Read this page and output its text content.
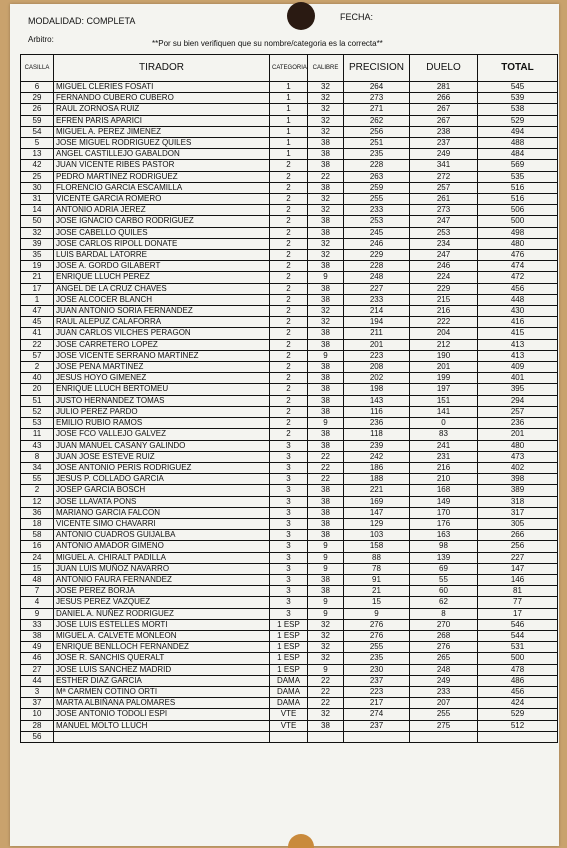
MODALIDAD: COMPLETA	FECHA:
Arbitro:	**Por su bien verifiquen que su nombre/categoria es la correcta**
CASILLA	TIRADOR	CATEGORIA	CALIBRE	PRECISION	DUELO	TOTAL
6	MIGUEL CLERIES FOSATI	1	32	264	281	545
29	FERNANDO CUBERO CUBERO	1	32	273	266	539
26	RAUL ZORNOSA RUIZ	1	32	271	267	538
59	EFREN PARIS APARICI	1	32	262	267	529
54	MIGUEL A. PEREZ JIMENEZ	1	32	256	238	494
5	JOSE MIGUEL RODRIGUEZ QUILES	1	38	251	237	488
13	ANGEL CASTILLEJO GABALDON	1	38	235	249	484
42	JUAN VICENTE RIBES PASTOR	2	38	228	341	569
25	PEDRO MARTINEZ RODRIGUEZ	2	22	263	272	535
30	FLORENCIO GARCIA ESCAMILLA	2	38	259	257	516
31	VICENTE GARCIA ROMERO	2	32	255	261	516
14	ANTONIO ADRIA JEREZ	2	32	233	273	506
50	JOSE IGNACIO CARBO RODRIGUEZ	2	38	253	247	500
32	JOSE CABELLO QUILES	2	38	245	253	498
39	JOSE CARLOS RIPOLL DONATE	2	32	246	234	480
35	LUIS BARDAL LATORRE	2	32	229	247	476
19	JOSE A. GORDO GILABERT	2	38	228	246	474
21	ENRIQUE LLUCH PEREZ	2	9	248	224	472
17	ANGEL DE LA CRUZ CHAVES	2	38	227	229	456
1	JOSE ALCOCER BLANCH	2	38	233	215	448
47	JUAN ANTONIO SORIA FERNANDEZ	2	32	214	216	430
45	RAUL ALEPUZ CALAFORRA	2	32	194	222	416
41	JUAN CARLOS VILCHES PERAGON	2	38	211	204	415
22	JOSE CARRETERO LOPEZ	2	38	201	212	413
57	JOSE VICENTE SERRANO MARTINEZ	2	9	223	190	413
2	JOSE PENA MARTINEZ	2	38	208	201	409
40	JESUS HOYO GIMENEZ	2	38	202	199	401
20	ENRIQUE LLUCH BERTOMEU	2	38	198	197	395
51	JUSTO HERNANDEZ TOMAS	2	38	143	151	294
52	JULIO PEREZ PARDO	2	38	116	141	257
53	EMILIO RUBIO RAMOS	2	9	236	0	236
11	JOSE FCO VALLEJO GALVEZ	2	38	118	83	201
43	JUAN MANUEL CASANY GALINDO	3	38	239	241	480
8	JUAN JOSE ESTEVE RUIZ	3	22	242	231	473
34	JOSE ANTONIO PERIS RODRIGUEZ	3	22	186	216	402
55	JESUS P. COLLADO GARCIA	3	22	188	210	398
2	JOSEP GARCIA BOSCH	3	38	221	168	389
12	JOSE LLAVATA PONS	3	38	169	149	318
36	MARIANO GARCIA FALCON	3	38	147	170	317
18	VICENTE SIMO CHAVARRI	3	38	129	176	305
58	ANTONIO CUADROS GUIJALBA	3	38	103	163	266
16	ANTONIO AMADOR GIMENO	3	9	158	98	256
24	MIGUEL A. CHIRALT PADILLA	3	9	88	139	227
15	JUAN LUIS MUÑOZ NAVARRO	3	9	78	69	147
48	ANTONIO FAURA FERNANDEZ	3	38	91	55	146
7	JOSE PEREZ BORJA	3	38	21	60	81
4	JESUS PEREZ VAZQUEZ	3	9	15	62	77
9	DANIEL A. NUÑEZ RODRIGUEZ	3	9	9	8	17
33	JOSE LUIS ESTELLES MORTI	1 ESP	32	276	270	546
38	MIGUEL A. CALVETE MONLEON	1 ESP	32	276	268	544
49	ENRIQUE BENLLOCH FERNANDEZ	1 ESP	32	255	276	531
46	JOSE R. SANCHIS QUERALT	1 ESP	32	235	265	500
27	JOSE LUIS SANCHEZ MADRID	1 ESP	9	230	248	478
44	ESTHER DIAZ GARCIA	DAMA	22	237	249	486
3	Mª CARMEN COTINO ORTI	DAMA	22	223	233	456
37	MARTA ALBIÑANA PALOMARES	DAMA	22	217	207	424
10	JOSE ANTONIO TODOLI ESPI	VTE	32	274	255	529
28	MANUEL MOLTO LLUCH	VTE	38	237	275	512
56						
